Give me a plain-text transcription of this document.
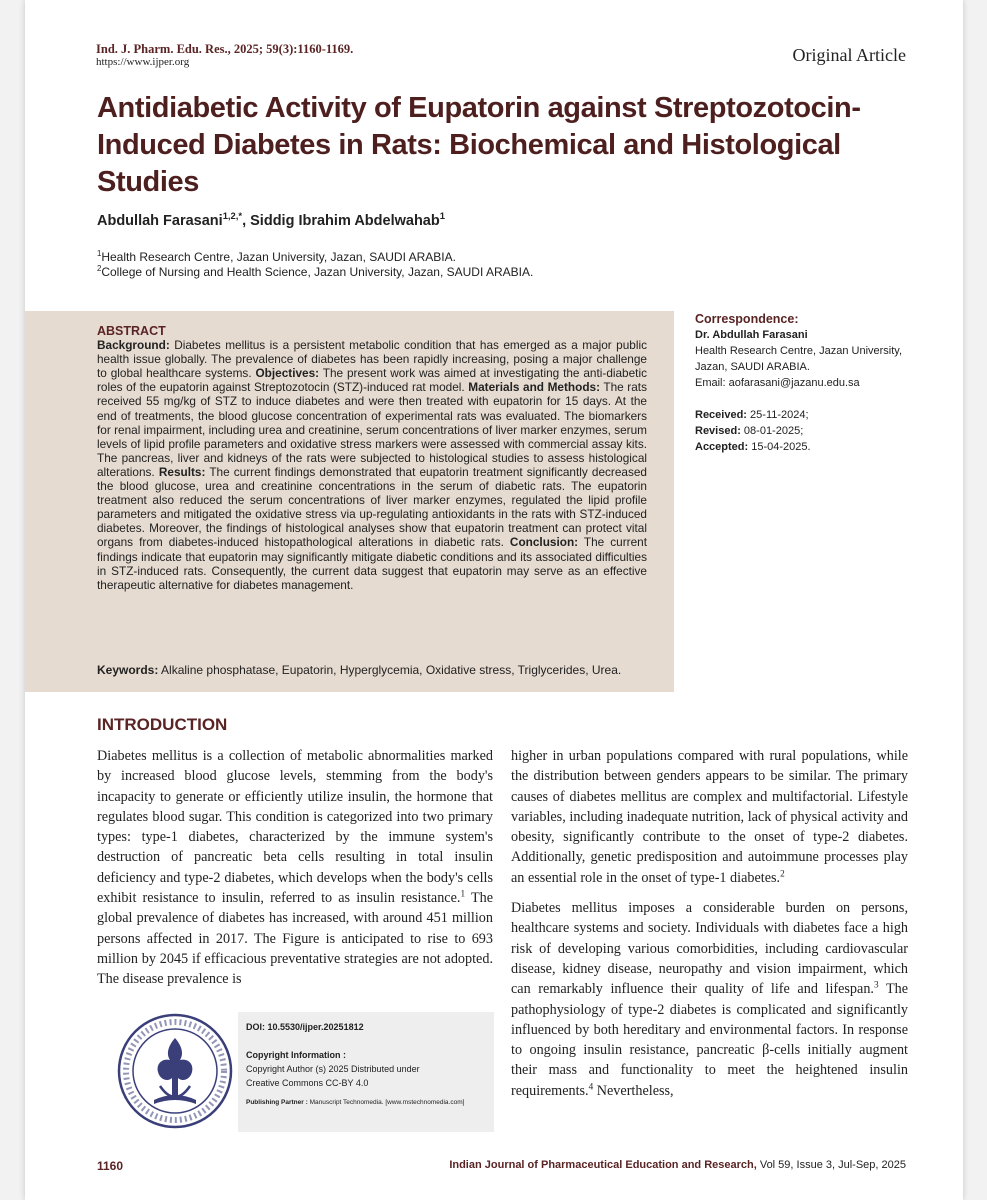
Ind. J. Pharm. Edu. Res., 2025; 59(3):1160-1169.
https://www.ijper.org	Original Article
Antidiabetic Activity of Eupatorin against Streptozotocin-Induced Diabetes in Rats: Biochemical and Histological Studies
Abdullah Farasani$^{1,2,*}$, Siddig Ibrahim Abdelwahab$^1$
$^1$Health Research Centre, Jazan University, Jazan, SAUDI ARABIA.
$^2$College of Nursing and Health Science, Jazan University, Jazan, SAUDI ARABIA.

ABSTRACT
Background: Diabetes mellitus is a persistent metabolic condition that has emerged as a major public health issue globally. The prevalence of diabetes has been rapidly increasing, posing a major challenge to global healthcare systems. Objectives: The present work was aimed at investigating the anti-diabetic roles of the eupatorin against Streptozotocin (STZ)-induced rat model. Materials and Methods: The rats received 55 mg/kg of STZ to induce diabetes and were then treated with eupatorin for 15 days. At the end of treatments, the blood glucose concentration of experimental rats was evaluated. The biomarkers for renal impairment, including urea and creatinine, serum concentrations of liver marker enzymes, serum levels of lipid profile parameters and oxidative stress markers were assessed with commercial assay kits. The pancreas, liver and kidneys of the rats were subjected to histological studies to assess histological alterations. Results: The current findings demonstrated that eupatorin treatment significantly decreased the blood glucose, urea and creatinine concentrations in the serum of diabetic rats. The eupatorin treatment also reduced the serum concentrations of liver marker enzymes, regulated the lipid profile parameters and mitigated the oxidative stress via up-regulating antioxidants in the rats with STZ-induced diabetes. Moreover, the findings of histological analyses show that eupatorin treatment can protect vital organs from diabetes-induced histopathological alterations in diabetic rats. Conclusion: The current findings indicate that eupatorin may significantly mitigate diabetic conditions and its associated difficulties in STZ-induced rats. Consequently, the current data suggest that eupatorin may serve as an effective therapeutic alternative for diabetes management.

Keywords: Alkaline phosphatase, Eupatorin, Hyperglycemia, Oxidative stress, Triglycerides, Urea.
Correspondence:
Dr. Abdullah Farasani
Health Research Centre, Jazan University,
Jazan, SAUDI ARABIA.
Email: aofarasani@jazanu.edu.sa
Received: 25-11-2024;
Revised: 08-01-2025;
Accepted: 15-04-2025.
INTRODUCTION

Diabetes mellitus is a collection of metabolic abnormalities marked by increased blood glucose levels, stemming from the body's incapacity to generate or efficiently utilize insulin, the hormone that regulates blood sugar. This condition is categorized into two primary types: type-1 diabetes, characterized by the immune system's destruction of pancreatic beta cells resulting in total insulin deficiency and type-2 diabetes, which develops when the body's cells exhibit resistance to insulin, referred to as insulin resistance.$^1$ The global prevalence of diabetes has increased, with around 451 million persons affected in 2017. The Figure is anticipated to rise to 693 million by 2045 if efficacious preventative strategies are not adopted. The disease prevalence is

higher in urban populations compared with rural populations, while the distribution between genders appears to be similar. The primary causes of diabetes mellitus are complex and multifactorial. Lifestyle variables, including inadequate nutrition, lack of physical activity and obesity, significantly contribute to the onset of type-2 diabetes. Additionally, genetic predisposition and autoimmune processes play an essential role in the onset of type-1 diabetes.$^2$

Diabetes mellitus imposes a considerable burden on persons, healthcare systems and society. Individuals with diabetes face a high risk of developing various comorbidities, including cardiovascular disease, kidney disease, neuropathy and vision impairment, which can remarkably influence their quality of life and lifespan.$^3$ The pathophysiology of type-2 diabetes is complicated and significantly influenced by both hereditary and environmental factors. In response to ongoing insulin resistance, pancreatic β-cells initially augment their mass and functionality to meet the heightened insulin requirements.$^4$ Nevertheless,

DOI: 10.5530/ijper.20251812
Copyright Information :
Copyright Author (s) 2025 Distributed under
Creative Commons CC-BY 4.0
Publishing Partner : Manuscript Technomedia. [www.mstechnomedia.com]
1160	Indian Journal of Pharmaceutical Education and Research, Vol 59, Issue 3, Jul-Sep, 2025
